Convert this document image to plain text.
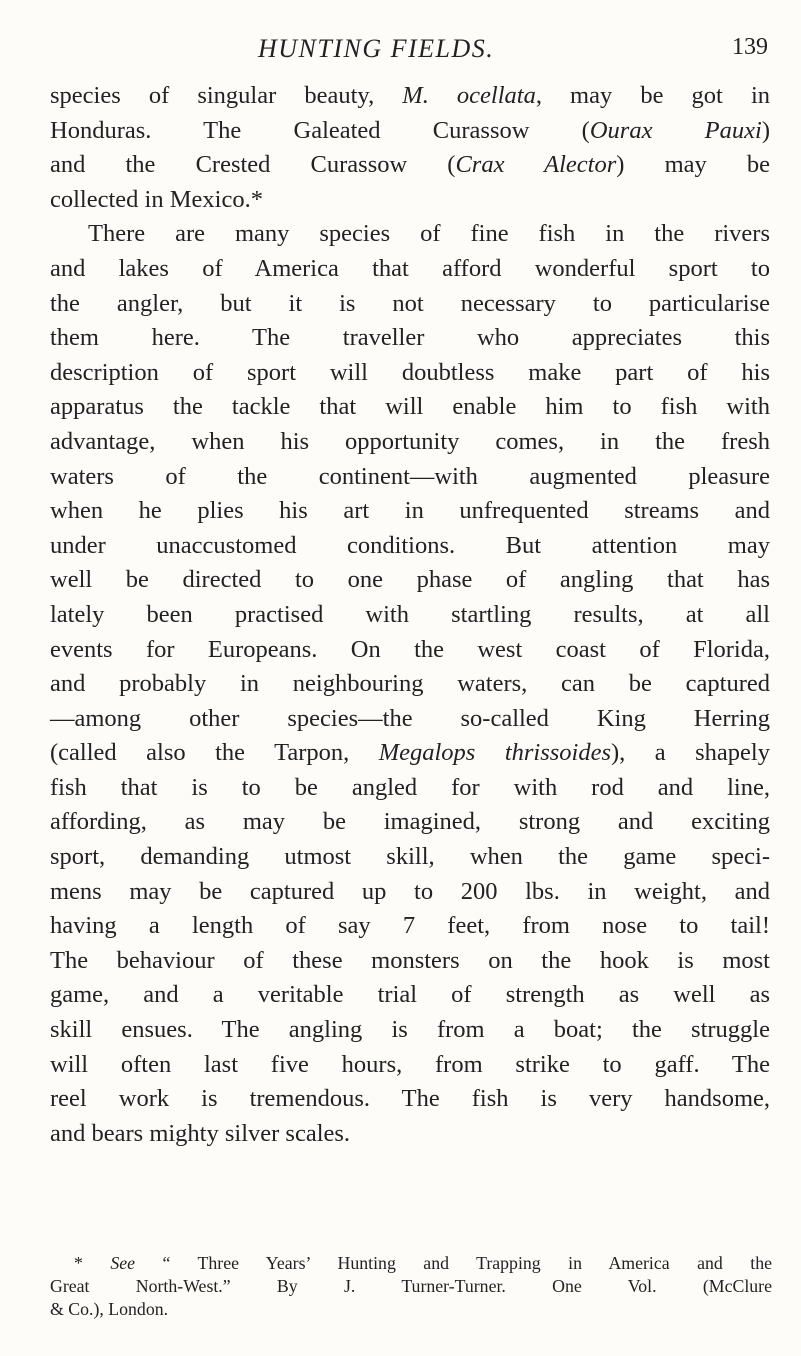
HUNTING FIELDS.	139
species of singular beauty, M. ocellata, may be got in
Honduras. The Galeated Curassow (Ourax Pauxi)
and the Crested Curassow (Crax Alector) may be
collected in Mexico.*
There are many species of fine fish in the rivers
and lakes of America that afford wonderful sport to
the angler, but it is not necessary to particularise
them here. The traveller who appreciates this
description of sport will doubtless make part of his
apparatus the tackle that will enable him to fish with
advantage, when his opportunity comes, in the fresh
waters of the continent—with augmented pleasure
when he plies his art in unfrequented streams and
under unaccustomed conditions. But attention may
well be directed to one phase of angling that has
lately been practised with startling results, at all
events for Europeans. On the west coast of Florida,
and probably in neighbouring waters, can be captured
—among other species—the so-called King Herring
(called also the Tarpon, Megalops thrissoides), a shapely
fish that is to be angled for with rod and line,
affording, as may be imagined, strong and exciting
sport, demanding utmost skill, when the game speci-
mens may be captured up to 200 lbs. in weight, and
having a length of say 7 feet, from nose to tail!
The behaviour of these monsters on the hook is most
game, and a veritable trial of strength as well as
skill ensues. The angling is from a boat; the struggle
will often last five hours, from strike to gaff. The
reel work is tremendous. The fish is very handsome,
and bears mighty silver scales.
* See “ Three Years’ Hunting and Trapping in America and the
Great North-West.” By J. Turner-Turner. One Vol. (McClure
& Co.), London.
